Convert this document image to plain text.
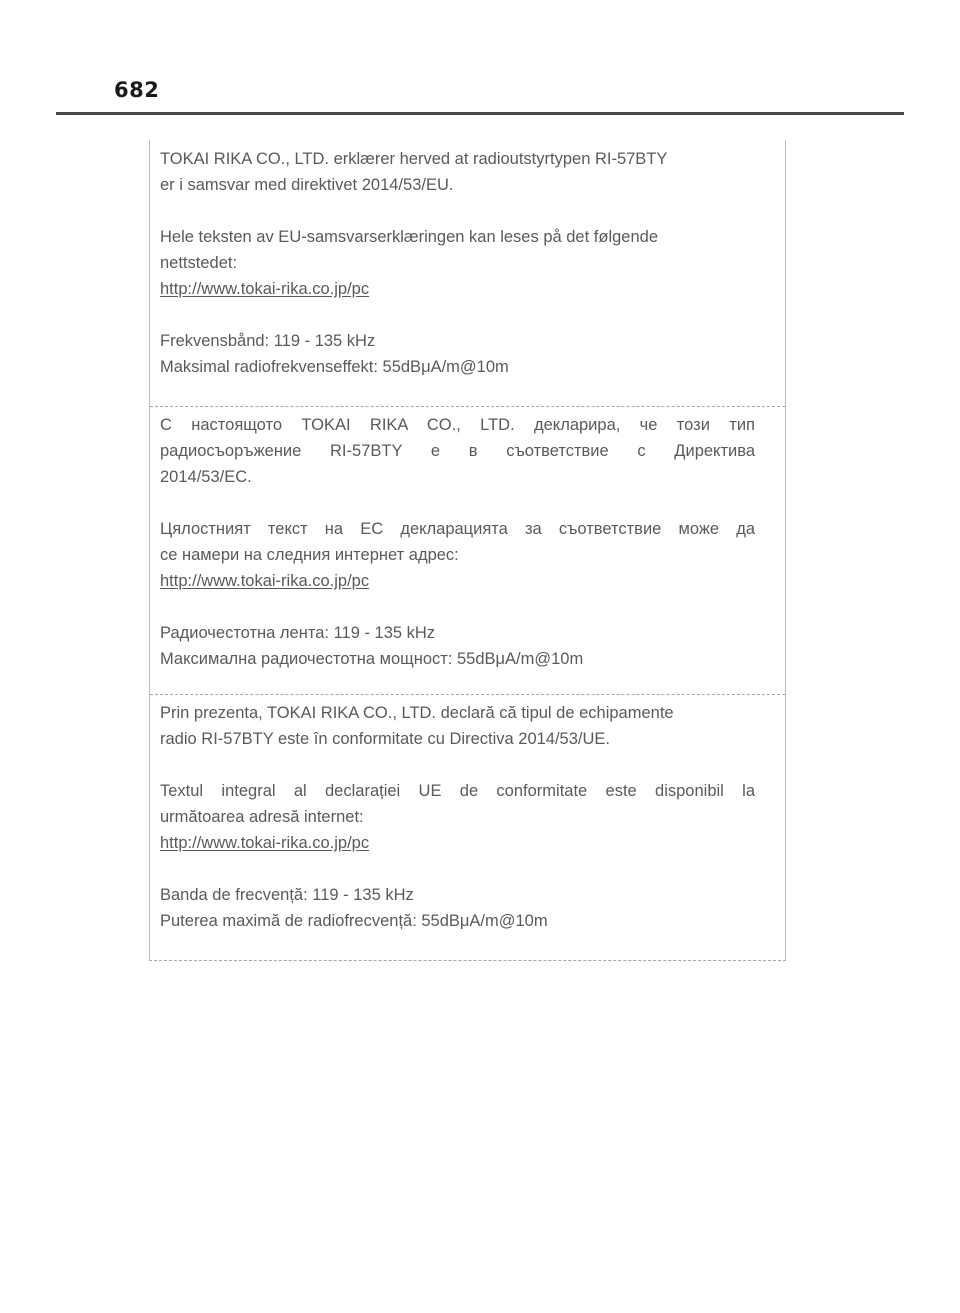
682

TOKAI RIKA CO., LTD. erklærer herved at radioutstyrtypen RI-57BTY
er i samsvar med direktivet 2014/53/EU.

Hele teksten av EU-samsvarserklæringen kan leses på det følgende
nettstedet:
http://www.tokai-rika.co.jp/pc

Frekvensbånd: 119 - 135 kHz
Maksimal radiofrekvenseffekt: 55dBμA/m@10m

С настоящото TOKAI RIKA CO., LTD. декларира, че този тип
радиосъоръжение RI-57BTY е в съответствие с Директива
2014/53/ЕС.

Цялостният текст на ЕС декларацията за съответствие може да
се намери на следния интернет адрес:
http://www.tokai-rika.co.jp/pc

Радиочестотна лента: 119 - 135 kHz
Максимална радиочестотна мощност: 55dBμA/m@10m

Prin prezenta, TOKAI RIKA CO., LTD. declară că tipul de echipamente
radio RI-57BTY este în conformitate cu Directiva 2014/53/UE.

Textul integral al declarației UE de conformitate este disponibil la
următoarea adresă internet:
http://www.tokai-rika.co.jp/pc

Banda de frecvență: 119 - 135 kHz
Puterea maximă de radiofrecvență: 55dBμA/m@10m
